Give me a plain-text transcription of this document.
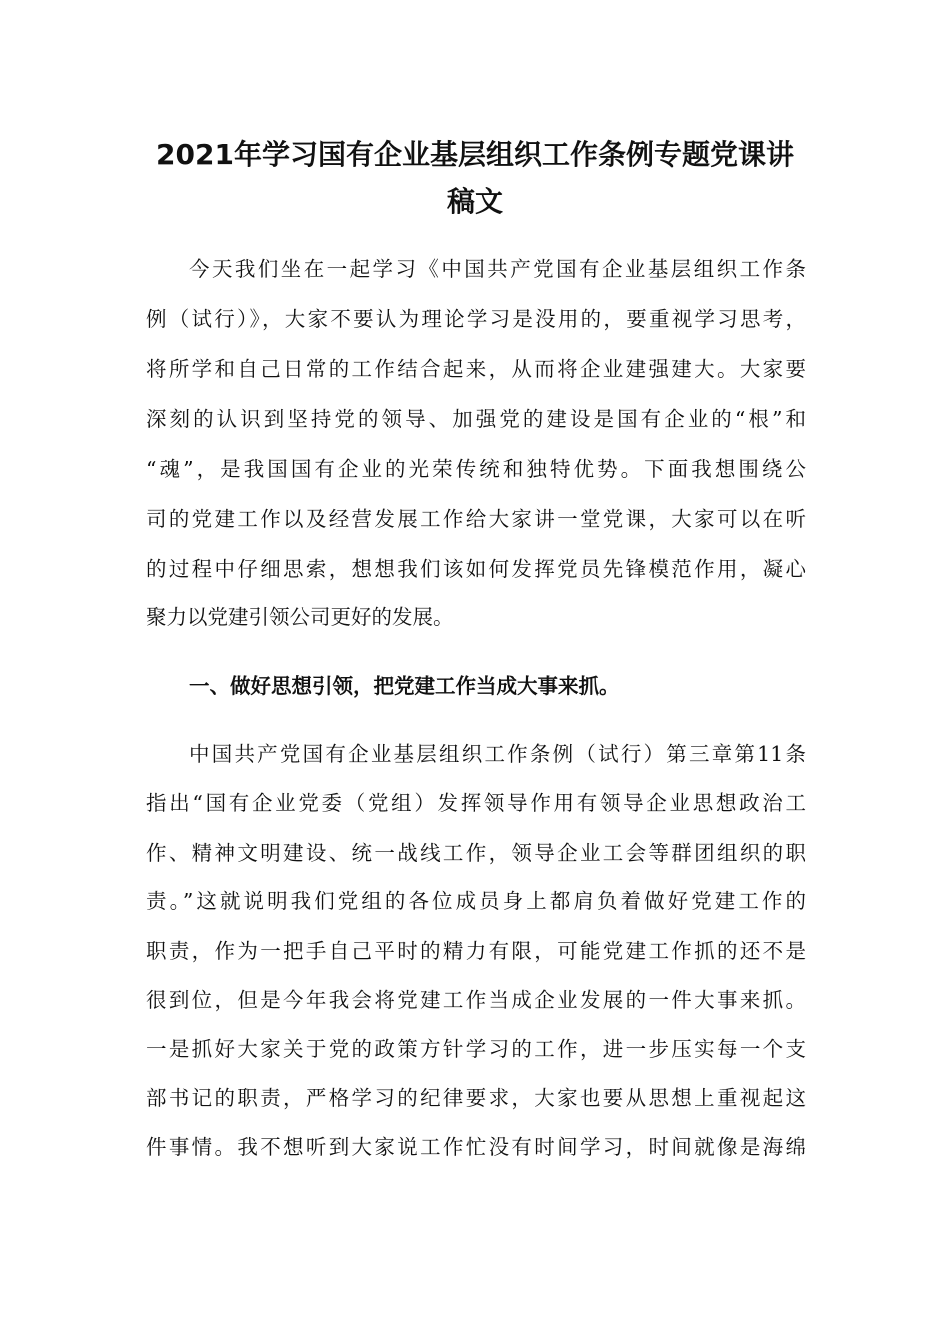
2021年学习国有企业基层组织工作条例专题党课讲
稿文

今天我们坐在一起学习《中国共产党国有企业基层组织工作条

例（试行）》，大家不要认为理论学习是没用的，要重视学习思考，

将所学和自己日常的工作结合起来，从而将企业建强建大。大家要

深刻的认识到坚持党的领导、加强党的建设是国有企业的“根”和

“魂”，是我国国有企业的光荣传统和独特优势。下面我想围绕公

司的党建工作以及经营发展工作给大家讲一堂党课，大家可以在听

的过程中仔细思索，想想我们该如何发挥党员先锋模范作用，凝心

聚力以党建引领公司更好的发展。

一、做好思想引领，把党建工作当成大事来抓。

中国共产党国有企业基层组织工作条例（试行）第三章第11条

指出“国有企业党委（党组）发挥领导作用有领导企业思想政治工

作、精神文明建设、统一战线工作，领导企业工会等群团组织的职

责。”这就说明我们党组的各位成员身上都肩负着做好党建工作的

职责，作为一把手自己平时的精力有限，可能党建工作抓的还不是

很到位，但是今年我会将党建工作当成企业发展的一件大事来抓。

一是抓好大家关于党的政策方针学习的工作，进一步压实每一个支

部书记的职责，严格学习的纪律要求，大家也要从思想上重视起这

件事情。我不想听到大家说工作忙没有时间学习，时间就像是海绵
